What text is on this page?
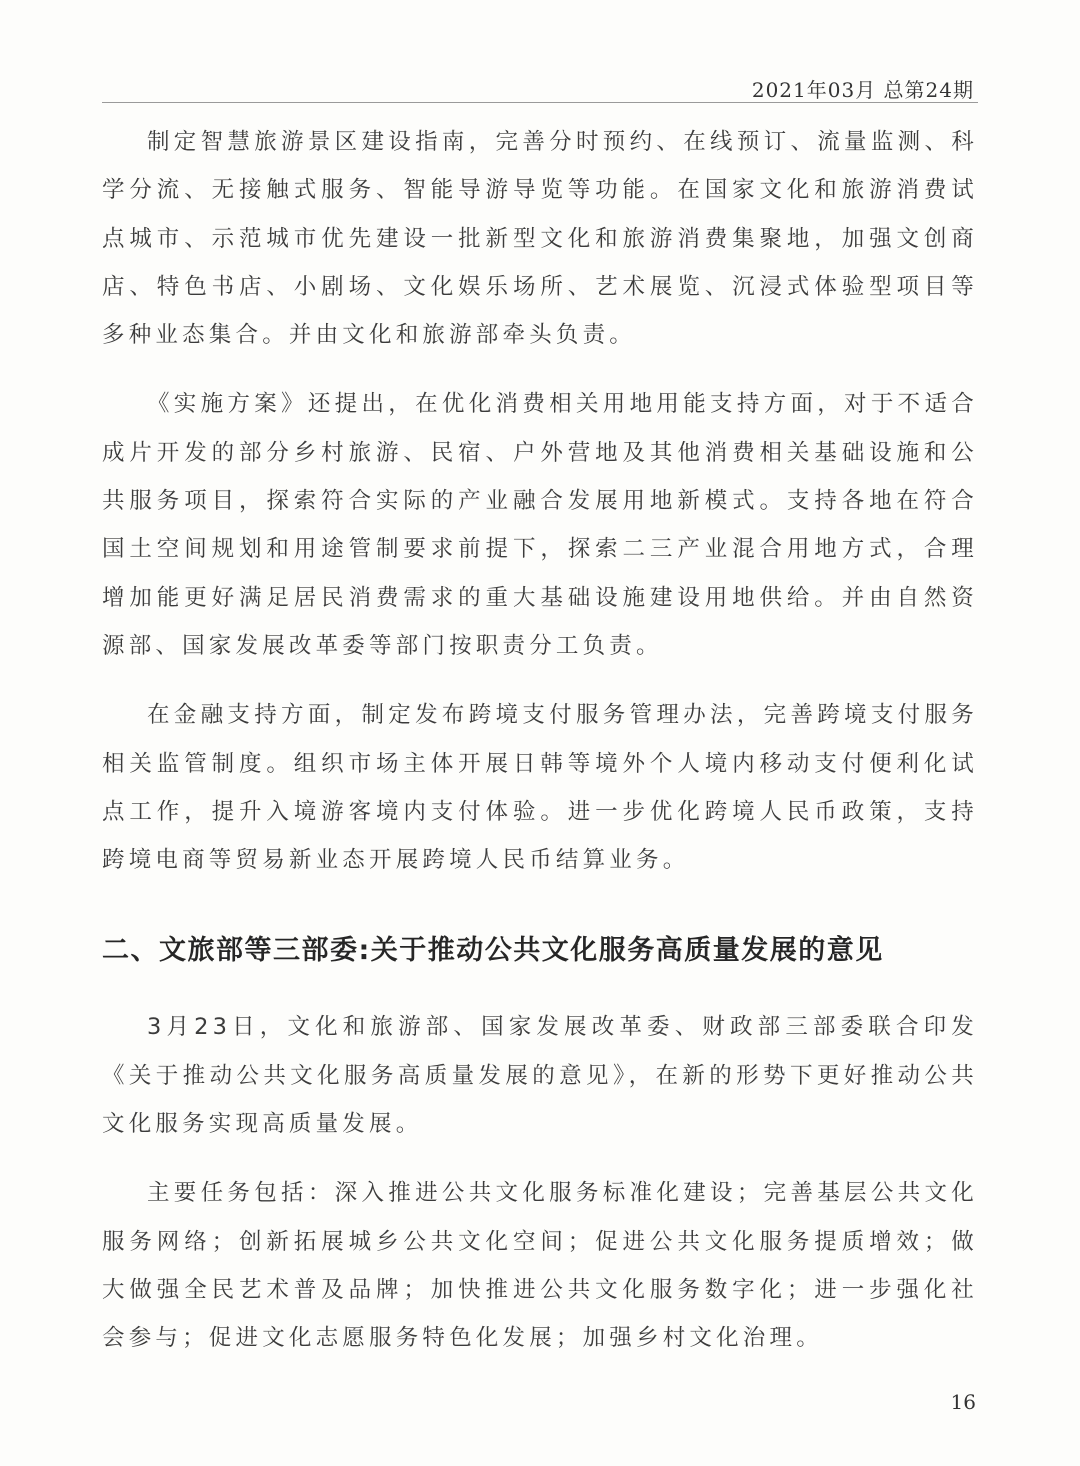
2021年03月 总第24期

制定智慧旅游景区建设指南，完善分时预约、在线预订、流量监测、科学分流、无接触式服务、智能导游导览等功能。在国家文化和旅游消费试点城市、示范城市优先建设一批新型文化和旅游消费集聚地，加强文创商店、特色书店、小剧场、文化娱乐场所、艺术展览、沉浸式体验型项目等多种业态集合。并由文化和旅游部牵头负责。

《实施方案》还提出，在优化消费相关用地用能支持方面，对于不适合成片开发的部分乡村旅游、民宿、户外营地及其他消费相关基础设施和公共服务项目，探索符合实际的产业融合发展用地新模式。支持各地在符合国土空间规划和用途管制要求前提下，探索二三产业混合用地方式，合理增加能更好满足居民消费需求的重大基础设施建设用地供给。并由自然资源部、国家发展改革委等部门按职责分工负责。

在金融支持方面，制定发布跨境支付服务管理办法，完善跨境支付服务相关监管制度。组织市场主体开展日韩等境外个人境内移动支付便利化试点工作，提升入境游客境内支付体验。进一步优化跨境人民币政策，支持跨境电商等贸易新业态开展跨境人民币结算业务。

二、文旅部等三部委:关于推动公共文化服务高质量发展的意见

3月23日，文化和旅游部、国家发展改革委、财政部三部委联合印发《关于推动公共文化服务高质量发展的意见》，在新的形势下更好推动公共文化服务实现高质量发展。

主要任务包括：深入推进公共文化服务标准化建设；完善基层公共文化服务网络；创新拓展城乡公共文化空间；促进公共文化服务提质增效；做大做强全民艺术普及品牌；加快推进公共文化服务数字化；进一步强化社会参与；促进文化志愿服务特色化发展；加强乡村文化治理。

16
